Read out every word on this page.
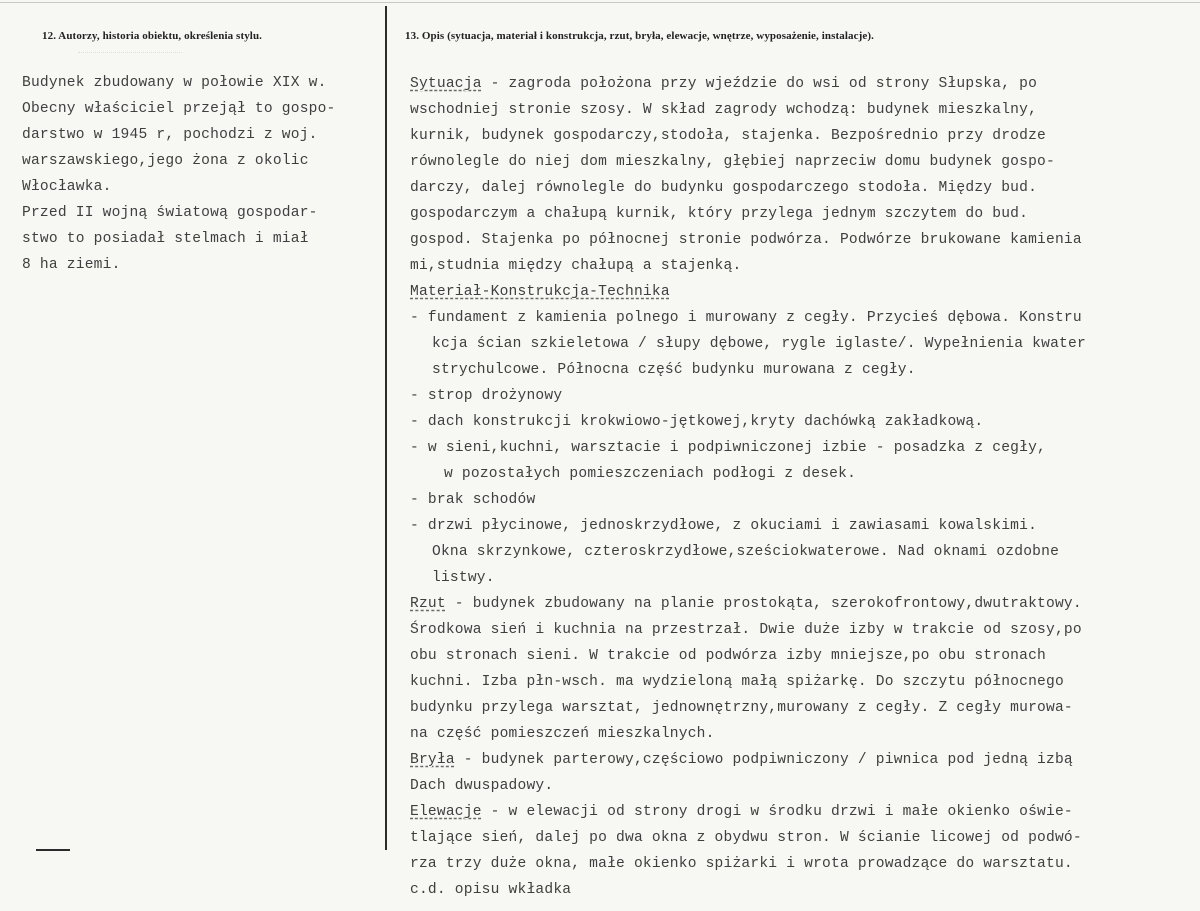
12. Autorzy, historia obiektu, określenia stylu.

Budynek zbudowany w połowie XIX w.
Obecny właściciel przejął to gospo-
darstwo w 1945 r, pochodzi z woj.
warszawskiego,jego żona z okolic
Włocławka.
Przed II wojną światową gospodar-
stwo to posiadał stelmach i miał
8 ha ziemi.

13. Opis (sytuacja, materiał i konstrukcja, rzut, bryła, elewacje, wnętrze, wyposażenie, instalacje).

Sytuacja - zagroda położona przy wjeździe do wsi od strony Słupska, po
wschodniej stronie szosy. W skład zagrody wchodzą: budynek mieszkalny,
kurnik, budynek gospodarczy,stodoła, stajenka. Bezpośrednio przy drodze
równolegle do niej dom mieszkalny, głębiej naprzeciw domu budynek gospo-
darczy, dalej równolegle do budynku gospodarczego stodoła. Między bud.
gospodarczym a chałupą kurnik, który przylega jednym szczytem do bud.
gospod. Stajenka po północnej stronie podwórza. Podwórze brukowane kamienia
mi,studnia między chałupą a stajenką.
Materiał-Konstrukcja-Technika
- fundament z kamienia polnego i murowany z cegły. Przycieś dębowa. Konstru
kcja ścian szkieletowa / słupy dębowe, rygle iglaste/. Wypełnienia kwater
strychulcowe. Północna część budynku murowana z cegły.
- strop drożynowy
- dach konstrukcji krokwiowo-jętkowej,kryty dachówką zakładkową.
- w sieni,kuchni, warsztacie i podpiwniczonej izbie - posadzka z cegły,
w pozostałych pomieszczeniach podłogi z desek.
- brak schodów
- drzwi płycinowe, jednoskrzydłowe, z okuciami i zawiasami kowalskimi.
Okna skrzynkowe, czteroskrzydłowe,sześciokwaterowe. Nad oknami ozdobne
listwy.
Rzut - budynek zbudowany na planie prostokąta, szerokofrontowy,dwutraktowy.
Środkowa sień i kuchnia na przestrzał. Dwie duże izby w trakcie od szosy,po
obu stronach sieni. W trakcie od podwórza izby mniejsze,po obu stronach
kuchni. Izba płn-wsch. ma wydzieloną małą spiżarkę. Do szczytu północnego
budynku przylega warsztat, jednownętrzny,murowany z cegły. Z cegły murowa-
na część pomieszczeń mieszkalnych.
Bryła - budynek parterowy,częściowo podpiwniczony / piwnica pod jedną izbą
Dach dwuspadowy.
Elewacje - w elewacji od strony drogi w środku drzwi i małe okienko oświe-
tlające sień, dalej po dwa okna z obydwu stron. W ścianie licowej od podwó-
rza trzy duże okna, małe okienko spiżarki i wrota prowadzące do warsztatu.
c.d. opisu wkładka
